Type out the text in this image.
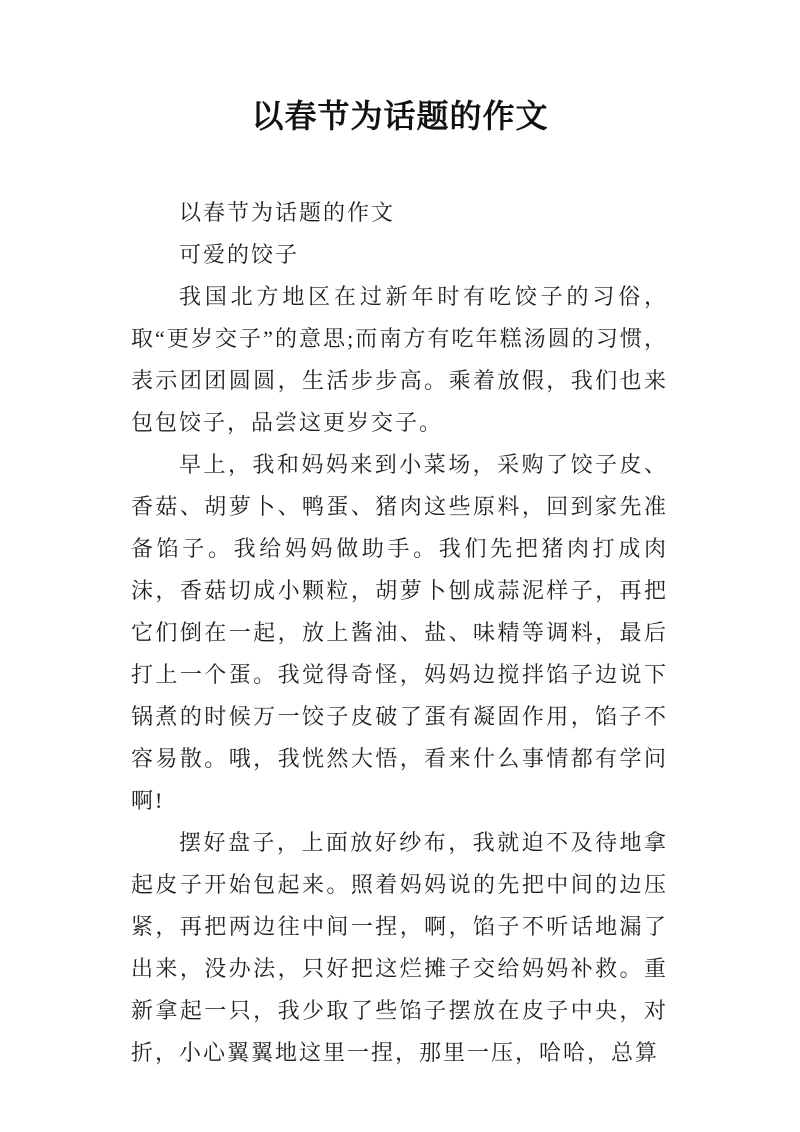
以春节为话题的作文

以春节为话题的作文

可爱的饺子

我国北方地区在过新年时有吃饺子的习俗，取“更岁交子”的意思;而南方有吃年糕汤圆的习惯，表示团团圆圆，生活步步高。乘着放假，我们也来包包饺子，品尝这更岁交子。

早上，我和妈妈来到小菜场，采购了饺子皮、香菇、胡萝卜、鸭蛋、猪肉这些原料，回到家先准备馅子。我给妈妈做助手。我们先把猪肉打成肉沫，香菇切成小颗粒，胡萝卜刨成蒜泥样子，再把它们倒在一起，放上酱油、盐、味精等调料，最后打上一个蛋。我觉得奇怪，妈妈边搅拌馅子边说下锅煮的时候万一饺子皮破了蛋有凝固作用，馅子不容易散。哦，我恍然大悟，看来什么事情都有学问啊!

摆好盘子，上面放好纱布，我就迫不及待地拿起皮子开始包起来。照着妈妈说的先把中间的边压紧，再把两边往中间一捏，啊，馅子不听话地漏了出来，没办法，只好把这烂摊子交给妈妈补救。重新拿起一只，我少取了些馅子摆放在皮子中央，对折，小心翼翼地这里一捏，那里一压，哈哈，总算
